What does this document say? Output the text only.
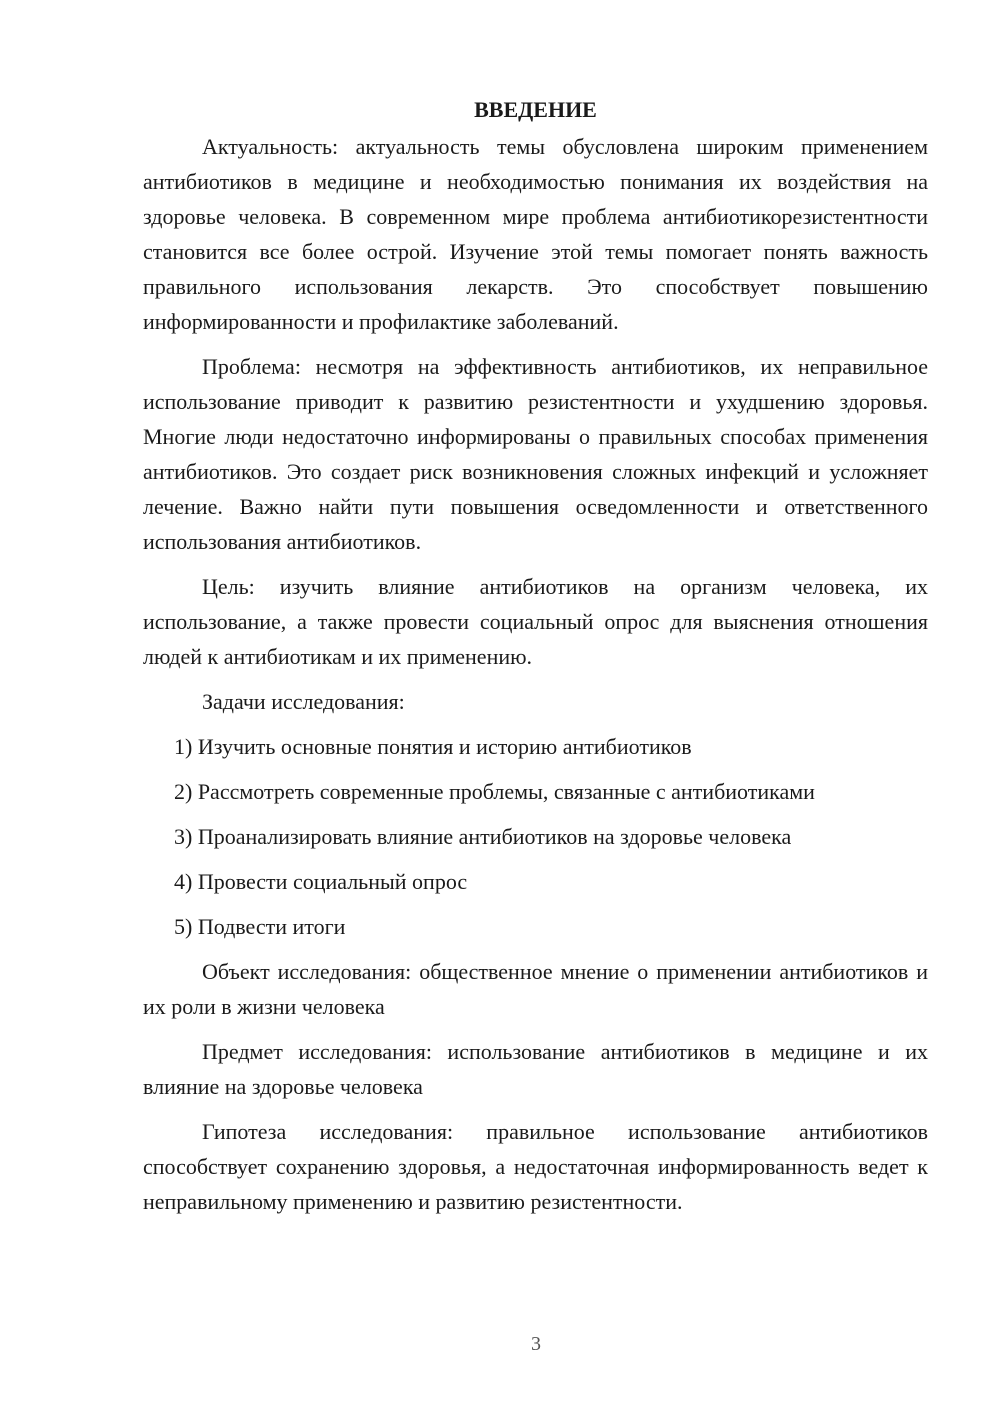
ВВЕДЕНИЕ

Актуальность: актуальность темы обусловлена широким применением антибиотиков в медицине и необходимостью понимания их воздействия на здоровье человека. В современном мире проблема антибиотикорезистентности становится все более острой. Изучение этой темы помогает понять важность правильного использования лекарств. Это способствует повышению информированности и профилактике заболеваний.

Проблема: несмотря на эффективность антибиотиков, их неправильное использование приводит к развитию резистентности и ухудшению здоровья. Многие люди недостаточно информированы о правильных способах применения антибиотиков. Это создает риск возникновения сложных инфекций и усложняет лечение. Важно найти пути повышения осведомленности и ответственного использования антибиотиков.

Цель: изучить влияние антибиотиков на организм человека, их использование, а также провести социальный опрос для выяснения отношения людей к антибиотикам и их применению.

Задачи исследования:
1) Изучить основные понятия и историю антибиотиков
2) Рассмотреть современные проблемы, связанные с антибиотиками
3) Проанализировать влияние антибиотиков на здоровье человека
4) Провести социальный опрос
5) Подвести итоги

Объект исследования: общественное мнение о применении антибиотиков и их роли в жизни человека

Предмет исследования: использование антибиотиков в медицине и их влияние на здоровье человека

Гипотеза исследования: правильное использование антибиотиков способствует сохранению здоровья, а недостаточная информированность ведет к неправильному применению и развитию резистентности.

3
